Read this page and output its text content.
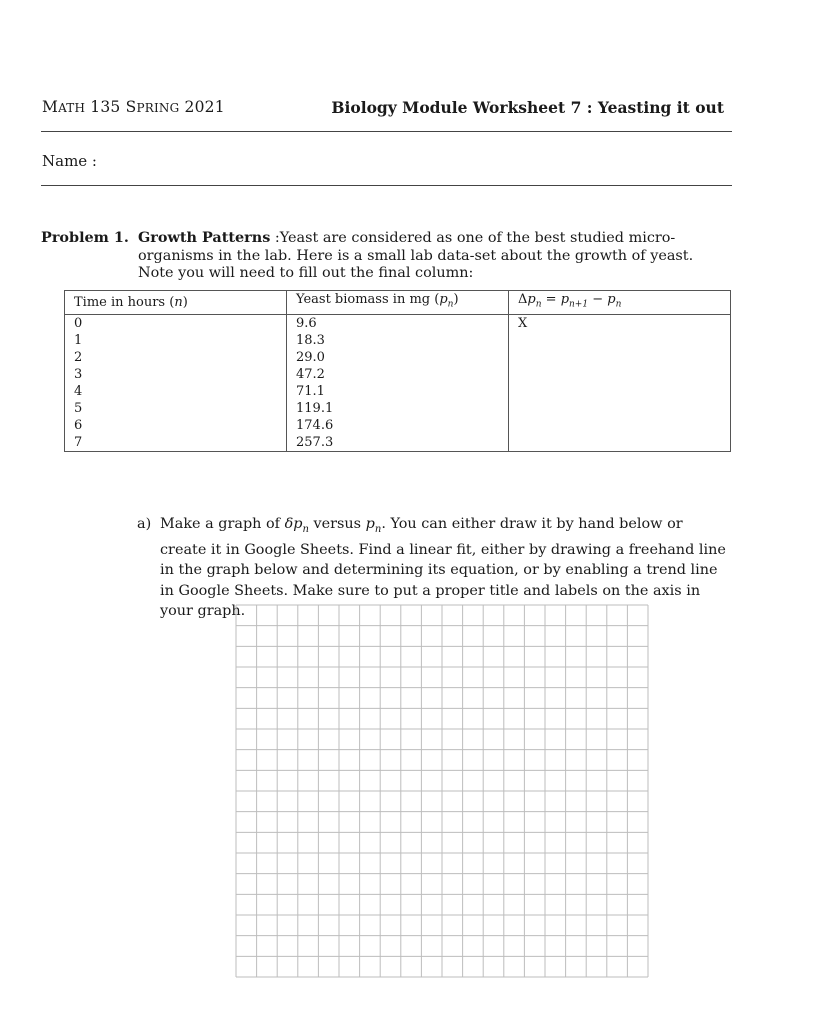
MATH 135 SPRING 2021	Biology Module Worksheet 7 : Yeasting it out
Name :
Problem 1. Growth Patterns :Yeast are considered as one of the best studied micro-organisms in the lab. Here is a small lab data-set about the growth of yeast. Note you will need to fill out the final column:
Time in hours (n)	Yeast biomass in mg $(p_n)$	$\Delta p_n = p_{n+1} - p_n$
0	9.6	X
1	18.3	
2	29.0	
3	47.2	
4	71.1	
5	119.1	
6	174.6	
7	257.3	
a) Make a graph of $\delta p_n$ versus $p_n$. You can either draw it by hand below or create it in Google Sheets. Find a linear fit, either by drawing a freehand line in the graph below and determining its equation, or by enabling a trend line in Google Sheets. Make sure to put a proper title and labels on the axis in your graph.
